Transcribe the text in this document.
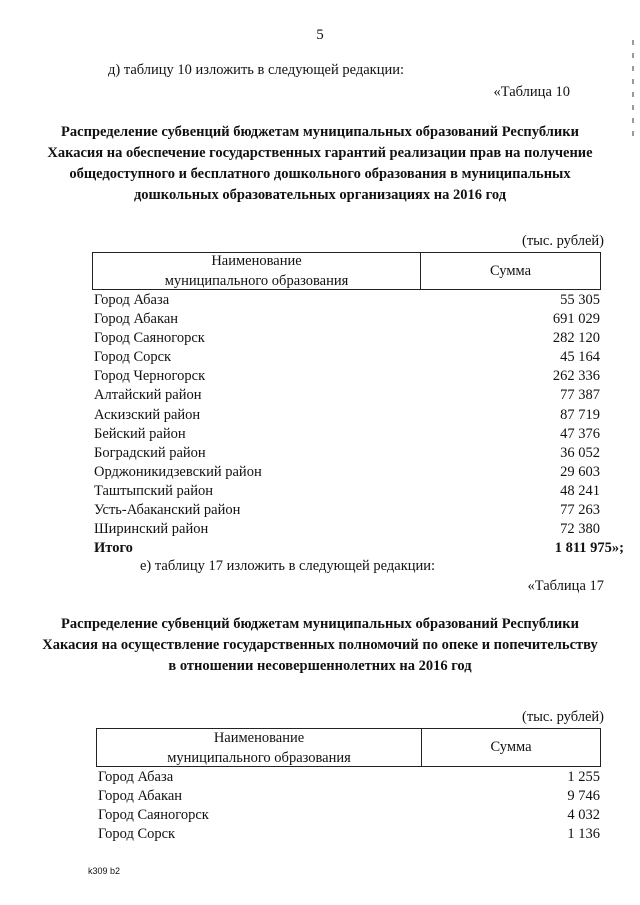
5
д) таблицу 10 изложить в следующей редакции:
«Таблица 10
Распределение субвенций бюджетам муниципальных образований Республики Хакасия на обеспечение государственных гарантий реализации прав на получение общедоступного и бесплатного дошкольного образования в муниципальных дошкольных образовательных организациях на 2016 год
(тыс. рублей)
Наименование
муниципального образования
Сумма
Город Абаза	55 305
Город Абакан	691 029
Город Саяногорск	282 120
Город Сорск	45 164
Город Черногорск	262 336
Алтайский район	77 387
Аскизский район	87 719
Бейский район	47 376
Боградский район	36 052
Орджоникидзевский район	29 603
Таштыпский район	48 241
Усть-Абаканский район	77 263
Ширинский район	72 380
Итого	1 811 975»;
е) таблицу 17 изложить в следующей редакции:
«Таблица 17
Распределение субвенций бюджетам муниципальных образований Республики Хакасия на осуществление государственных полномочий по опеке и попечительству в отношении несовершеннолетних на 2016 год
(тыс. рублей)
Наименование
муниципального образования
Сумма
Город Абаза	1 255
Город Абакан	9 746
Город Саяногорск	4 032
Город Сорск	1 136
k309 b2
